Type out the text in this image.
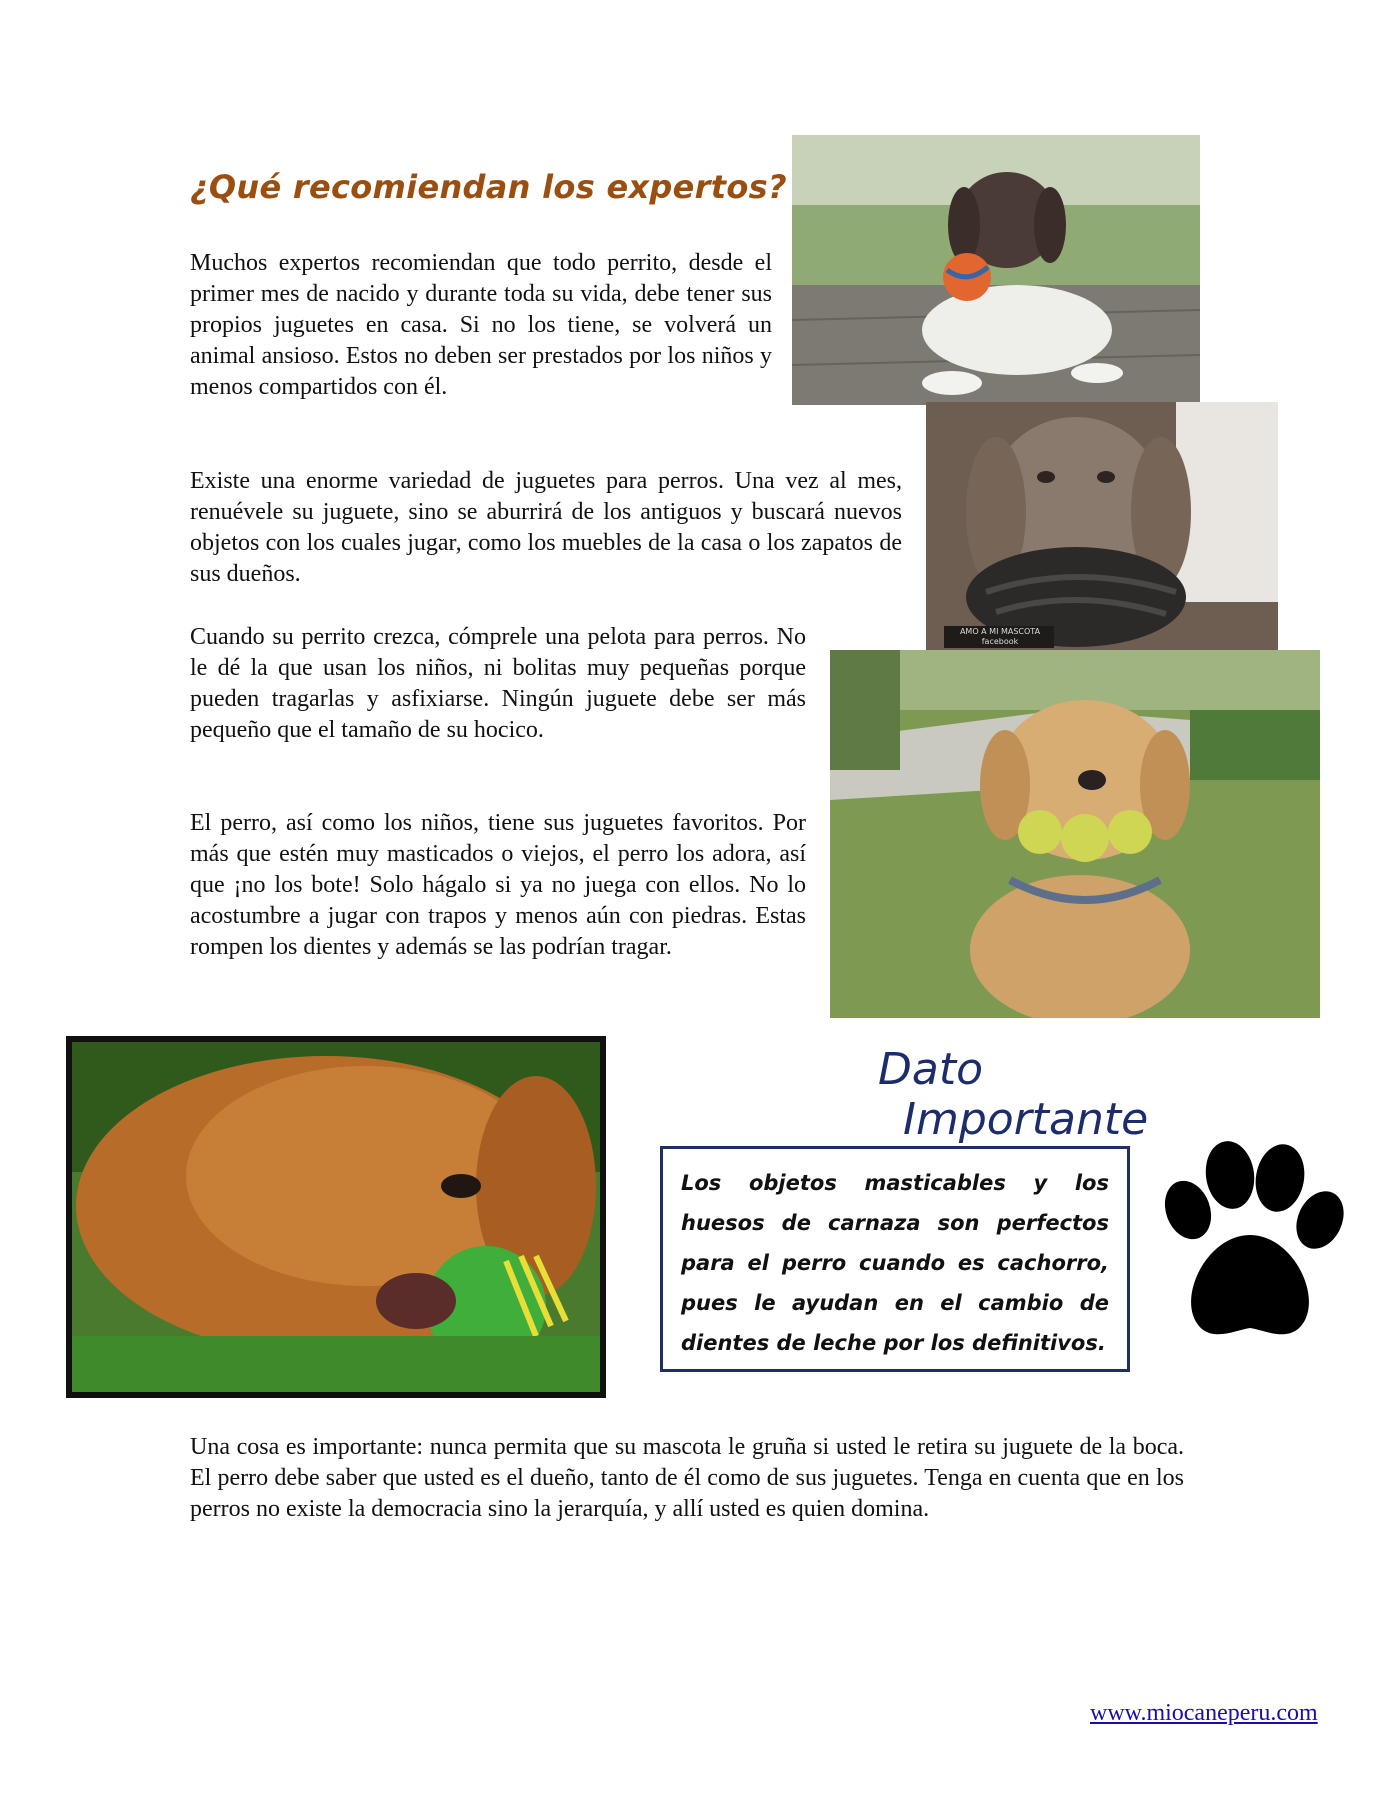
¿Qué recomiendan los expertos?

Muchos expertos recomiendan que todo perrito, desde el primer mes de nacido y durante toda su vida, debe tener sus propios juguetes en casa. Si no los tiene, se volverá un animal ansioso. Estos no deben ser prestados por los niños y menos compartidos con él.

Existe una enorme variedad de juguetes para perros. Una vez al mes, renuévele su juguete, sino se aburrirá de los antiguos y buscará nuevos objetos con los cuales jugar, como los muebles de la casa o los zapatos de sus dueños.

Cuando su perrito crezca, cómprele una pelota para perros. No le dé la que usan los niños, ni bolitas muy pequeñas porque pueden tragarlas y asfixiarse. Ningún juguete debe ser más pequeño que el tamaño de su hocico.

El perro, así como los niños, tiene sus juguetes favoritos. Por más que estén muy masticados o viejos, el perro los adora, así que ¡no los bote! Solo hágalo si ya no juega con ellos. No lo acostumbre a jugar con trapos y menos aún con piedras. Estas rompen los dientes y además se las podrían tragar.

Una cosa es importante: nunca permita que su mascota le gruña si usted le retira su juguete de la boca. El perro debe saber que usted es el dueño, tanto de él como de sus juguetes. Tenga en cuenta que en los perros no existe la democracia sino la jerarquía, y allí usted es quien domina.

AMO A MI MASCOTA
facebook
Dato
Importante
Los objetos masticables y los huesos de carnaza son perfectos para el perro cuando es cachorro, pues le ayudan en el cambio de dientes de leche por los definitivos.
www.miocaneperu.com
